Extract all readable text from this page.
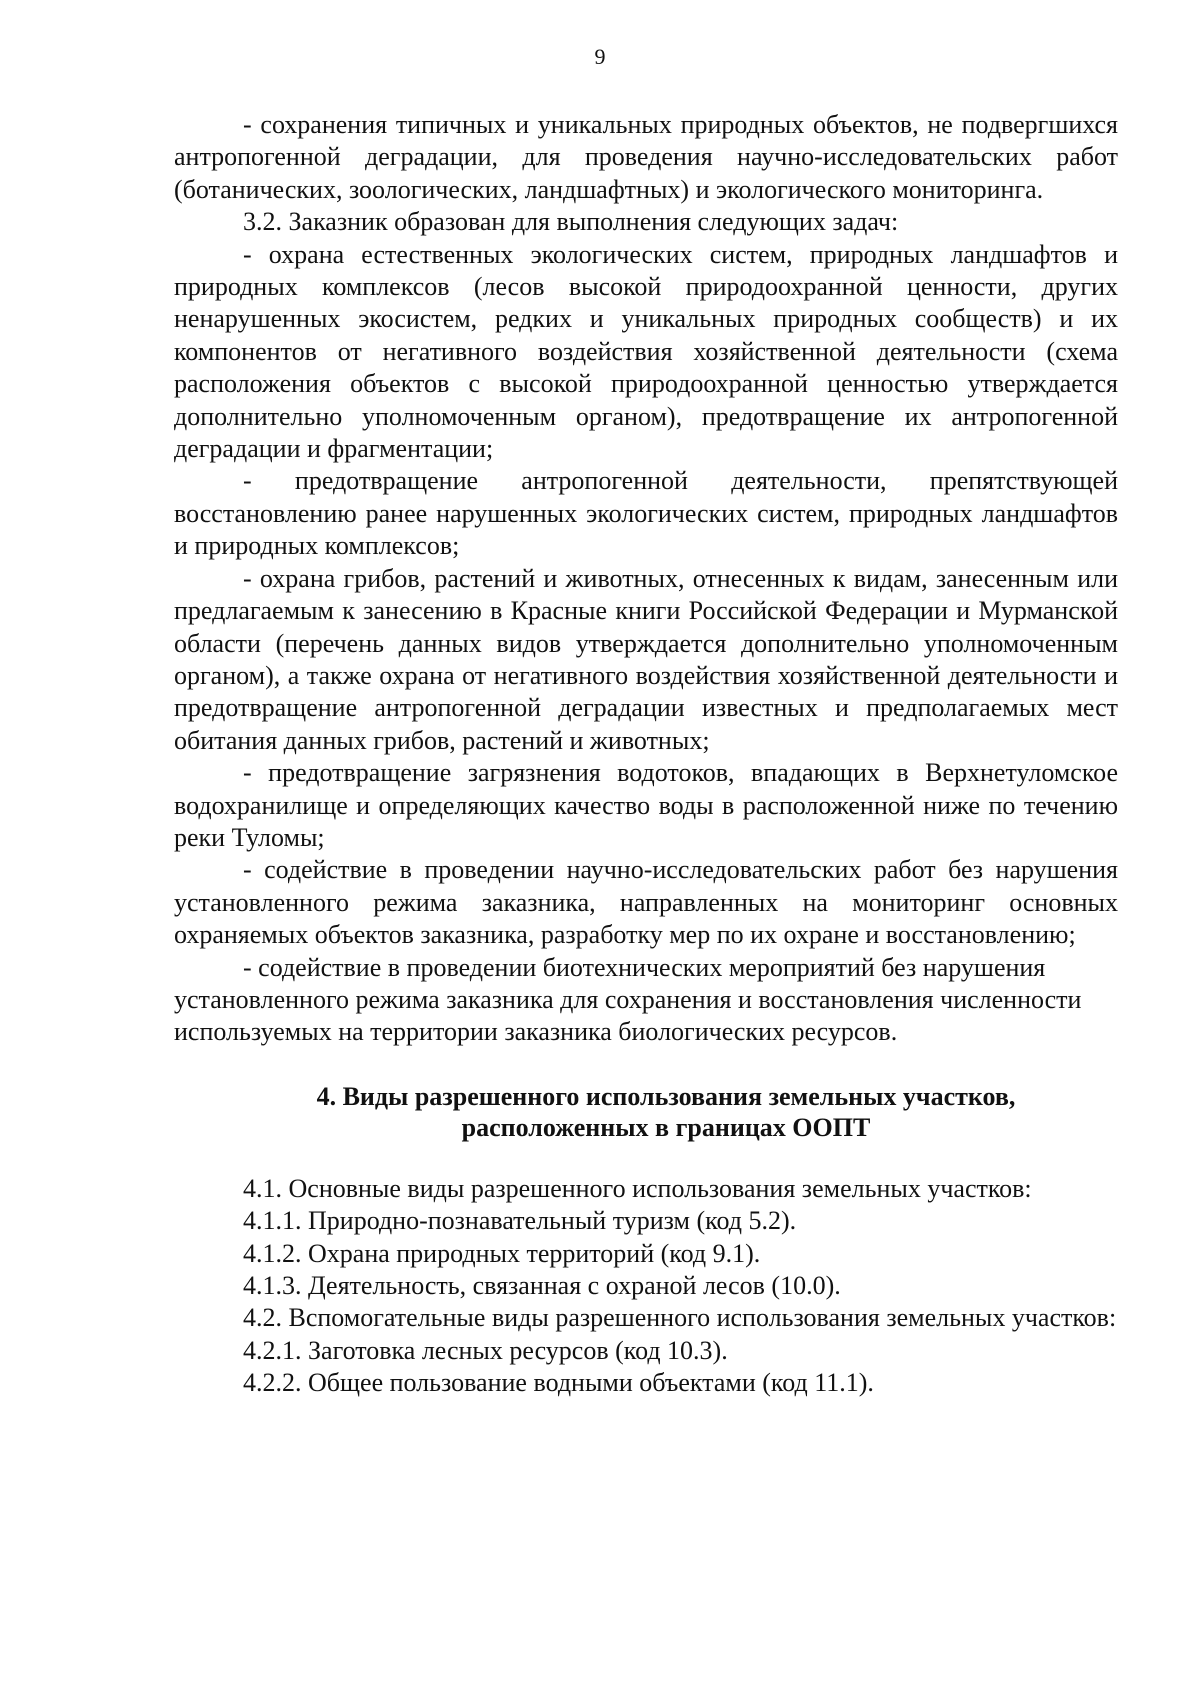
9

- сохранения типичных и уникальных природных объектов, не подвергшихся антропогенной деградации, для проведения научно-исследовательских работ (ботанических, зоологических, ландшафтных) и экологического мониторинга.

3.2. Заказник образован для выполнения следующих задач:

- охрана естественных экологических систем, природных ландшафтов и природных комплексов (лесов высокой природоохранной ценности, других ненарушенных экосистем, редких и уникальных природных сообществ) и их компонентов от негативного воздействия хозяйственной деятельности (схема расположения объектов с высокой природоохранной ценностью утверждается дополнительно уполномоченным органом), предотвращение их антропогенной деградации и фрагментации;

- предотвращение антропогенной деятельности, препятствующей восстановлению ранее нарушенных экологических систем, природных ландшафтов и природных комплексов;

- охрана грибов, растений и животных, отнесенных к видам, занесенным или предлагаемым к занесению в Красные книги Российской Федерации и Мурманской области (перечень данных видов утверждается дополнительно уполномоченным органом), а также охрана от негативного воздействия хозяйственной деятельности и предотвращение антропогенной деградации известных и предполагаемых мест обитания данных грибов, растений и животных;

- предотвращение загрязнения водотоков, впадающих в Верхнетуломское водохранилище и определяющих качество воды в расположенной ниже по течению реки Туломы;

- содействие в проведении научно-исследовательских работ без нарушения установленного режима заказника, направленных на мониторинг основных охраняемых объектов заказника, разработку мер по их охране и восстановлению;

- содействие в проведении биотехнических мероприятий без нарушения установленного режима заказника для сохранения и восстановления численности используемых на территории заказника биологических ресурсов.

4. Виды разрешенного использования земельных участков,
расположенных в границах ООПТ

4.1. Основные виды разрешенного использования земельных участков:

4.1.1. Природно-познавательный туризм (код 5.2).

4.1.2. Охрана природных территорий (код 9.1).

4.1.3. Деятельность, связанная с охраной лесов (10.0).

4.2. Вспомогательные виды разрешенного использования земельных участков:

4.2.1. Заготовка лесных ресурсов (код 10.3).

4.2.2. Общее пользование водными объектами (код 11.1).
